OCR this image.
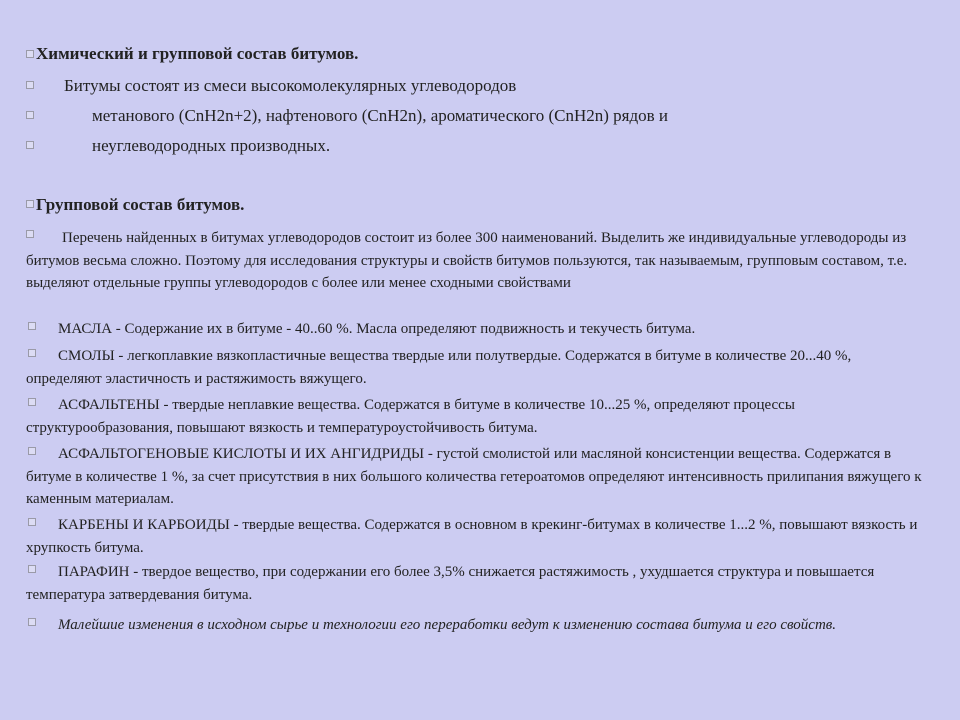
Химический и групповой состав битумов.
Битумы состоят из смеси высокомолекулярных углеводородов
метанового (CnH2n+2), нафтенового (CnH2n), ароматического (CnH2n) рядов и
неуглеводородных производных.
Групповой состав битумов.
Перечень найденных в битумах углеводородов состоит из более 300 наименований. Выделить же индивидуальные углеводороды из битумов весьма сложно. Поэтому для исследования структуры и свойств битумов пользуются, так называемым, групповым составом, т.е. выделяют отдельные группы углеводородов с более или менее сходными свойствами
МАСЛА - Содержание их в битуме - 40..60 %. Масла определяют подвижность и текучесть битума.
СМОЛЫ - легкоплавкие вязкопластичные вещества твердые или полутвердые. Содержатся в битуме в количестве 20...40 %, определяют эластичность и растяжимость вяжущего.
АСФАЛЬТЕНЫ - твердые неплавкие вещества. Содержатся в битуме в количестве 10...25 %, определяют процессы структурообразования, повышают вязкость и температуроустойчивость битума.
АСФАЛЬТОГЕНОВЫЕ КИСЛОТЫ И ИХ АНГИДРИДЫ - густой смолистой или масляной консистенции вещества. Содержатся в битуме в количестве 1 %, за счет присутствия в них большого количества гетероатомов определяют интенсивность прилипания вяжущего к каменным материалам.
КАРБЕНЫ И КАРБОИДЫ - твердые вещества. Содержатся в основном в крекинг-битумах в количестве 1...2 %, повышают вязкость и хрупкость битума.
ПАРАФИН - твердое вещество, при содержании его более 3,5% снижается растяжимость , ухудшается структура и повышается температура затвердевания битума.
Малейшие изменения в исходном сырье и технологии его переработки ведут к изменению состава битума и его свойств.
